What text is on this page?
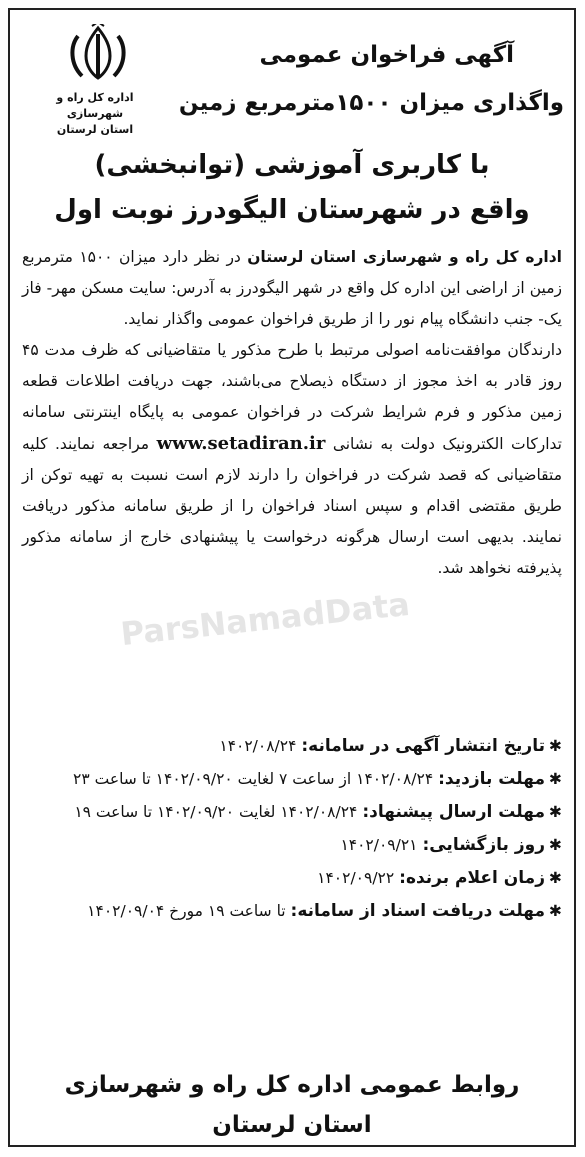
اداره کل راه و شهرسازی
استان لرستان
آگهی فراخوان عمومی
واگذاری میزان ۱۵۰۰مترمربع زمین
با کاربری آموزشی (توانبخشی)
واقع در شهرستان الیگودرز نوبت اول

اداره کل راه و شهرسازی استان لرستان در نظر دارد میزان ۱۵۰۰ مترمربع زمین از اراضی این اداره کل واقع در شهر الیگودرز به آدرس: سایت مسکن مهر- فاز یک- جنب دانشگاه پیام نور را از طریق فراخوان عمومی واگذار نماید.

دارندگان موافقت‌نامه اصولی مرتبط با طرح مذکور یا متقاضیانی که ظرف مدت ۴۵ روز قادر به اخذ مجوز از دستگاه ذیصلاح می‌باشند، جهت دریافت اطلاعات قطعه زمین مذکور و فرم شرایط شرکت در فراخوان عمومی به پایگاه اینترنتی سامانه تدارکات الکترونیک دولت به نشانی www.setadiran.ir مراجعه نمایند. کلیه متقاضیانی که قصد شرکت در فراخوان را دارند لازم است نسبت به تهیه توکن از طریق مقتضی اقدام و سپس اسناد فراخوان را از طریق سامانه مذکور دریافت نمایند. بدیهی است ارسال هرگونه درخواست یا پیشنهادی خارج از سامانه مذکور پذیرفته نخواهد شد.

ParsNamadData

✱تاریخ انتشار آگهی در سامانه: ۱۴۰۲/۰۸/۲۴

✱مهلت بازدید: ۱۴۰۲/۰۸/۲۴ از ساعت ۷ لغایت ۱۴۰۲/۰۹/۲۰ تا ساعت ۲۳

✱مهلت ارسال پیشنهاد: ۱۴۰۲/۰۸/۲۴ لغایت ۱۴۰۲/۰۹/۲۰ تا ساعت ۱۹

✱روز بازگشایی: ۱۴۰۲/۰۹/۲۱

✱زمان اعلام برنده: ۱۴۰۲/۰۹/۲۲

✱مهلت دریافت اسناد از سامانه: تا ساعت ۱۹ مورخ ۱۴۰۲/۰۹/۰۴

روابط عمومی اداره کل راه و شهرسازی
استان لرستان
